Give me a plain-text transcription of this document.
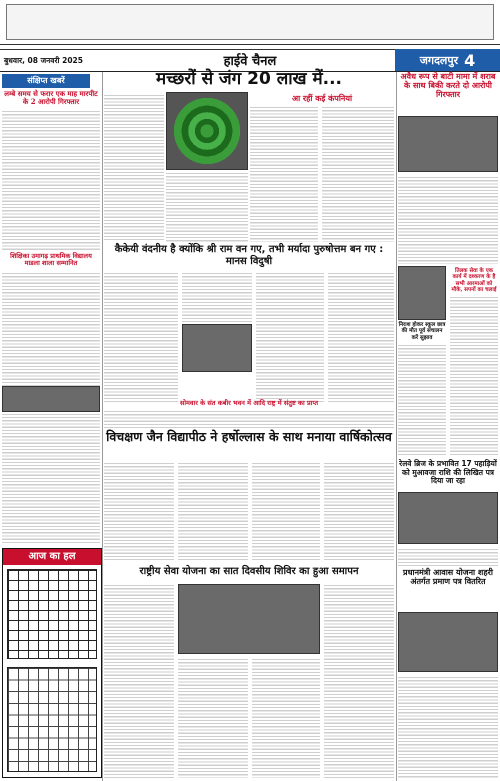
बुधवार, 08 जनवरी 2025	हाईवे चैनल	जगदलपुर 4
संक्षिप्त खबरें
लम्बे समय से फरार एक माह मारपीट के 2 आरोपी गिरफ्तार
शिक्षिका उमागढ़ प्राथमिक विद्यालय माडला शाला सम्मानित
आज का हल
मच्छरों से जंग 20 लाख में...
आ रहीं कई कंपनियां
कैकेयी वंदनीय है क्योंकि श्री राम वन गए, तभी मर्यादा पुरुषोत्तम बन गए : मानस विदुषी
सोमवार के संत कबीर भवन में आदि राष्ट्र में संतुष्ट का प्राप्त
विचक्षण जैन विद्यापीठ ने हर्षोल्लास के साथ मनाया वार्षिकोत्सव
राष्ट्रीय सेवा योजना का सात दिवसीय शिविर का हुआ समापन
अवैध रूप से बाटी मामा में शराब के साथ बिकी करते दो आरोपी गिरफ्तार
निराश होकर स्कूल छात्र की मौत पूर्व संचालन करें सुझाव
तिलक सेवा के एक कार्य में दश्करण के है सभी आरमाओं को मौके, सपनों का चलाई
रेलवे ब्रिज के प्रभावित 17 पहाड़ियों को मुआवजा राशि की लिखित पत्र दिया जा रहा
प्रधानमंत्री आवास योजना शहरी अंतर्गत प्रमाण पत्र वितरित
